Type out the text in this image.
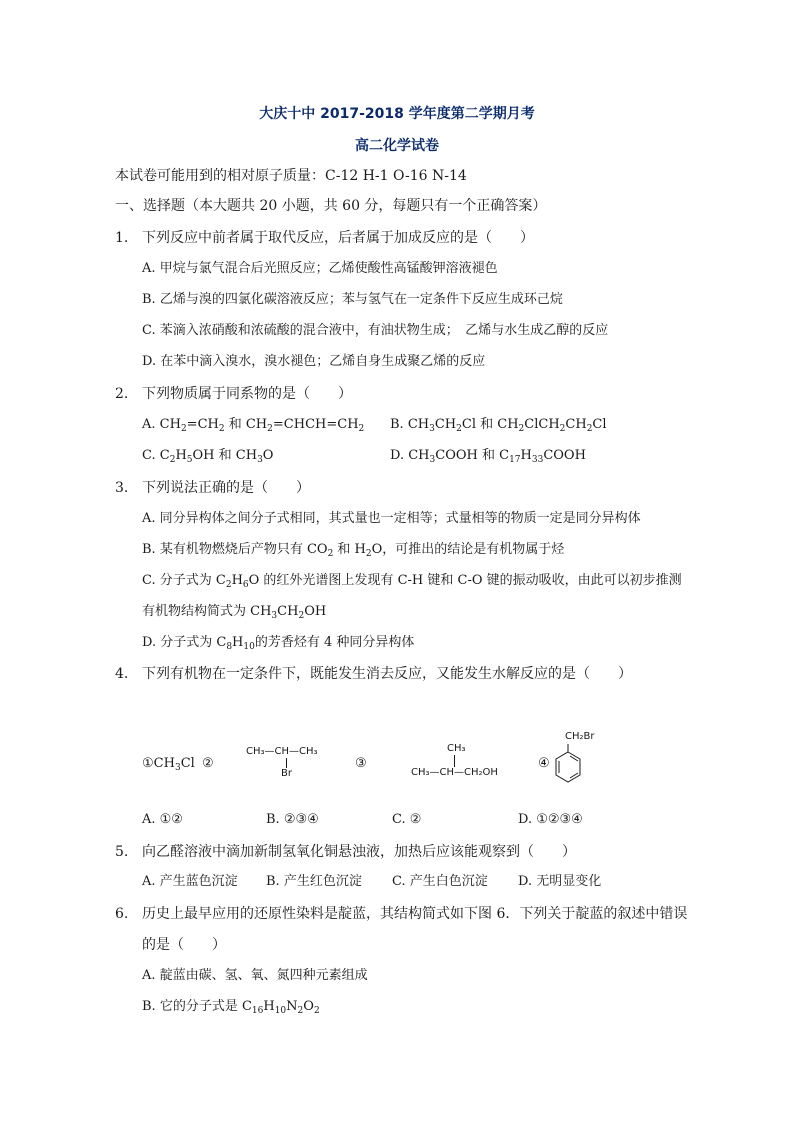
大庆十中 2017-2018 学年度第二学期月考
高二化学试卷
本试卷可能用到的相对原子质量：C-12 H-1 O-16 N-14
一、选择题（本大题共 20 小题，共 60 分，每题只有一个正确答案）
1. 下列反应中前者属于取代反应，后者属于加成反应的是（　　）
A. 甲烷与氯气混合后光照反应；乙烯使酸性高锰酸钾溶液褪色
B. 乙烯与溴的四氯化碳溶液反应；苯与氢气在一定条件下反应生成环己烷
C. 苯滴入浓硝酸和浓硫酸的混合液中，有油状物生成；　乙烯与水生成乙醇的反应
D. 在苯中滴入溴水，溴水褪色；乙烯自身生成聚乙烯的反应
2. 下列物质属于同系物的是（　　）
A. $CH_2=CH_2$ 和 $CH_2=CHCH=CH_2$ B. $CH_3CH_2Cl$ 和 $CH_2ClCH_2CH_2Cl$
C. $C_2H_5OH$ 和 $CH_3O$	D. $CH_3COOH$ 和 $C_{17}H_{33}COOH$
3. 下列说法正确的是（　　）
A. 同分异构体之间分子式相同，其式量也一定相等；式量相等的物质一定是同分异构体
B. 某有机物燃烧后产物只有 $CO_2$ 和 $H_2O$，可推出的结论是有机物属于烃
C. 分子式为 $C_2H_6O$ 的红外光谱图上发现有 C-H 键和 C-O 键的振动吸收，由此可以初步推测
有机物结构简式为 $CH_3CH_2OH$
D. 分子式为 $C_8H_{10}$的芳香烃有 4 种同分异构体
4. 下列有机物在一定条件下，既能发生消去反应，又能发生水解反应的是（　　）
$①CH_3Cl$ ②
CH₃—CH—CH₃
Br
③
CH₃
CH₃—CH—CH₂OH
④
CH₂Br
A. ①②	B. ②③④	C. ②	D. ①②③④
5. 向乙醛溶液中滴加新制氢氧化铜悬浊液，加热后应该能观察到（　　）
A. 产生蓝色沉淀 B. 产生红色沉淀 C. 产生白色沉淀 D. 无明显变化
6. 历史上最早应用的还原性染料是靛蓝，其结构简式如下图 6．下列关于靛蓝的叙述中错误
的是（　　）
A. 靛蓝由碳、氢、氧、氮四种元素组成
B. 它的分子式是 $C_{16}H_{10}N_2O_2$
